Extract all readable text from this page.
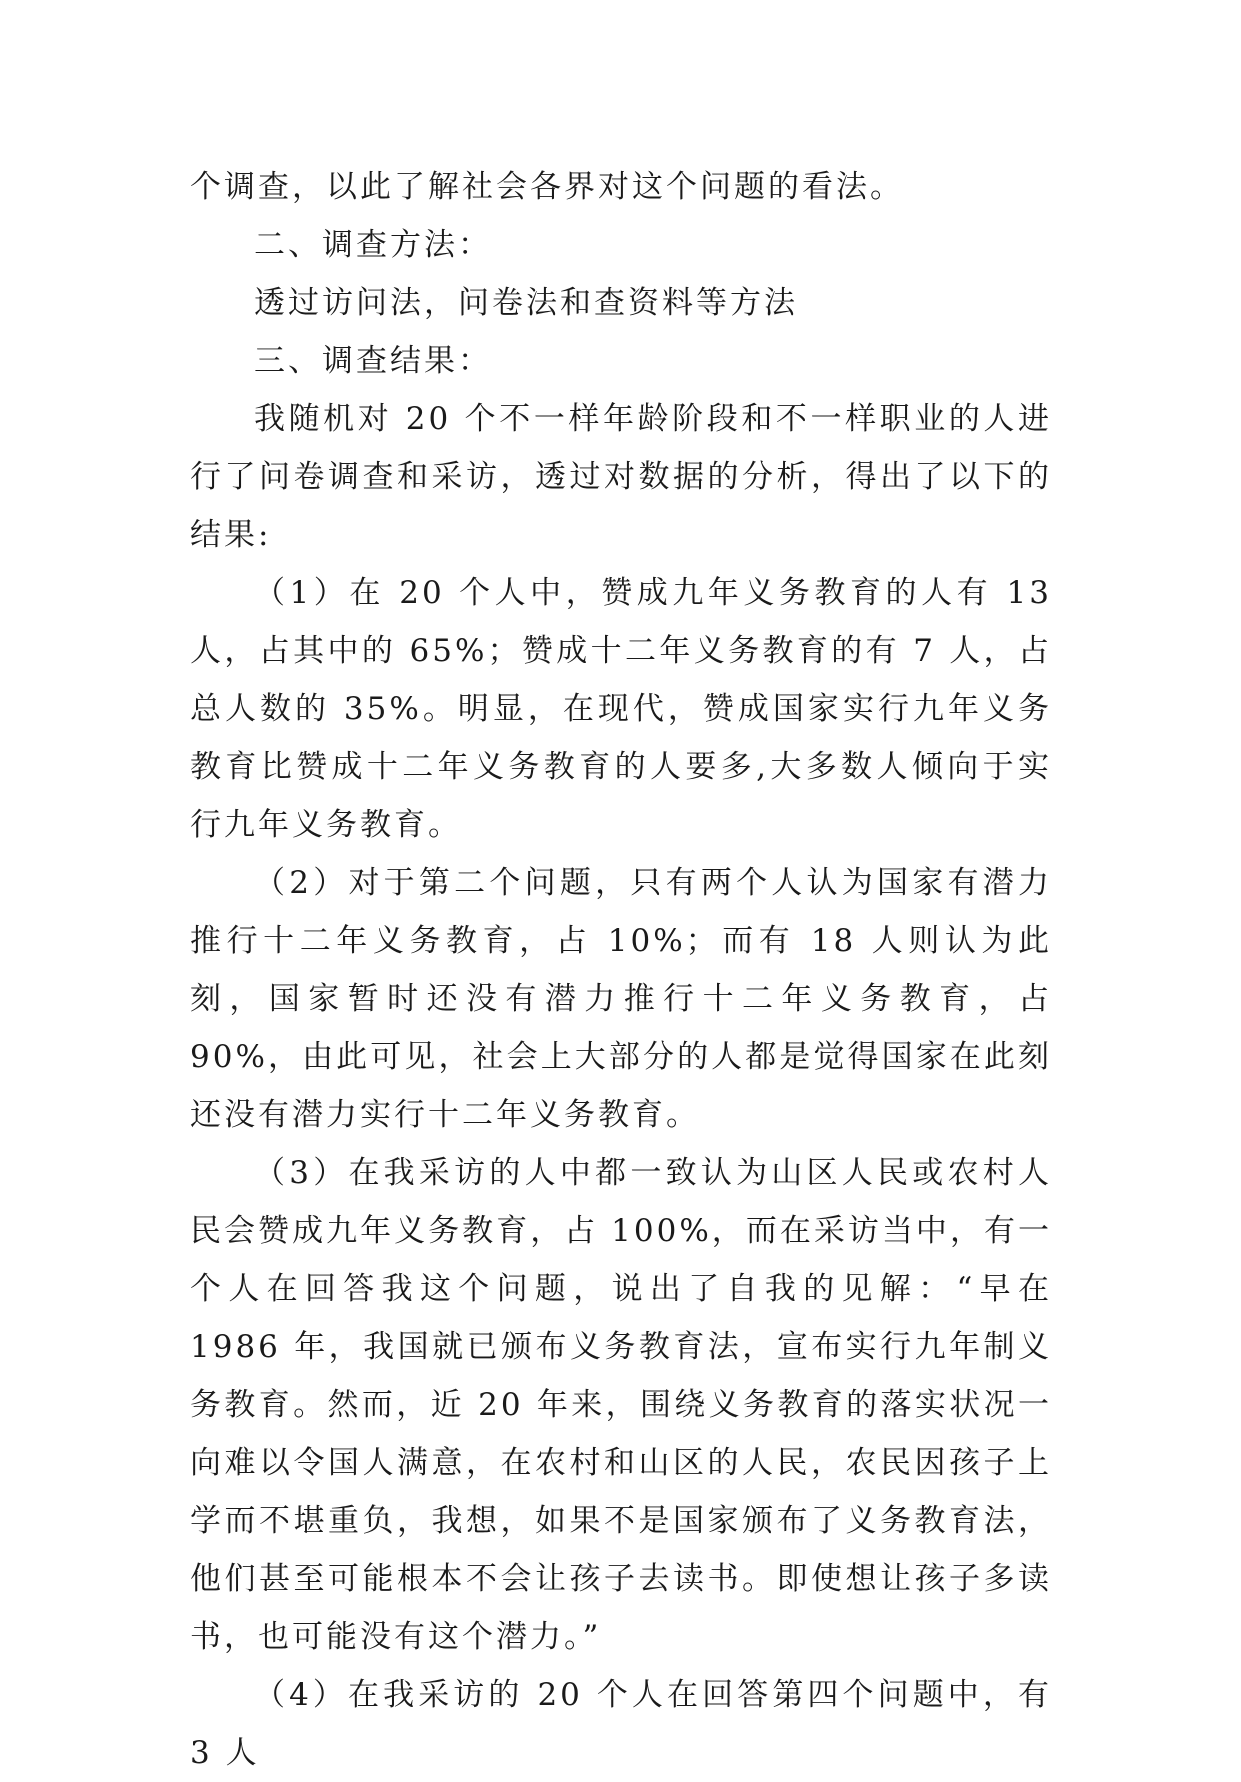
个调查，以此了解社会各界对这个问题的看法。

二、调查方法：

透过访问法，问卷法和查资料等方法

三、调查结果：

我随机对 20 个不一样年龄阶段和不一样职业的人进行了问卷调查和采访，透过对数据的分析，得出了以下的结果:

（1）在 20 个人中，赞成九年义务教育的人有 13 人，占其中的 65%；赞成十二年义务教育的有 7 人，占总人数的 35%。明显，在现代，赞成国家实行九年义务教育比赞成十二年义务教育的人要多,大多数人倾向于实行九年义务教育。

（2）对于第二个问题，只有两个人认为国家有潜力推行十二年义务教育，占 10%；而有 18 人则认为此刻，国家暂时还没有潜力推行十二年义务教育，占 90%，由此可见，社会上大部分的人都是觉得国家在此刻还没有潜力实行十二年义务教育。

（3）在我采访的人中都一致认为山区人民或农村人民会赞成九年义务教育，占 100%，而在采访当中，有一个人在回答我这个问题，说出了自我的见解：“早在 1986 年，我国就已颁布义务教育法，宣布实行九年制义务教育。然而，近 20 年来，围绕义务教育的落实状况一向难以令国人满意，在农村和山区的人民，农民因孩子上学而不堪重负，我想，如果不是国家颁布了义务教育法，他们甚至可能根本不会让孩子去读书。即使想让孩子多读书，也可能没有这个潜力。”

（4）在我采访的 20 个人在回答第四个问题中，有 3 人
